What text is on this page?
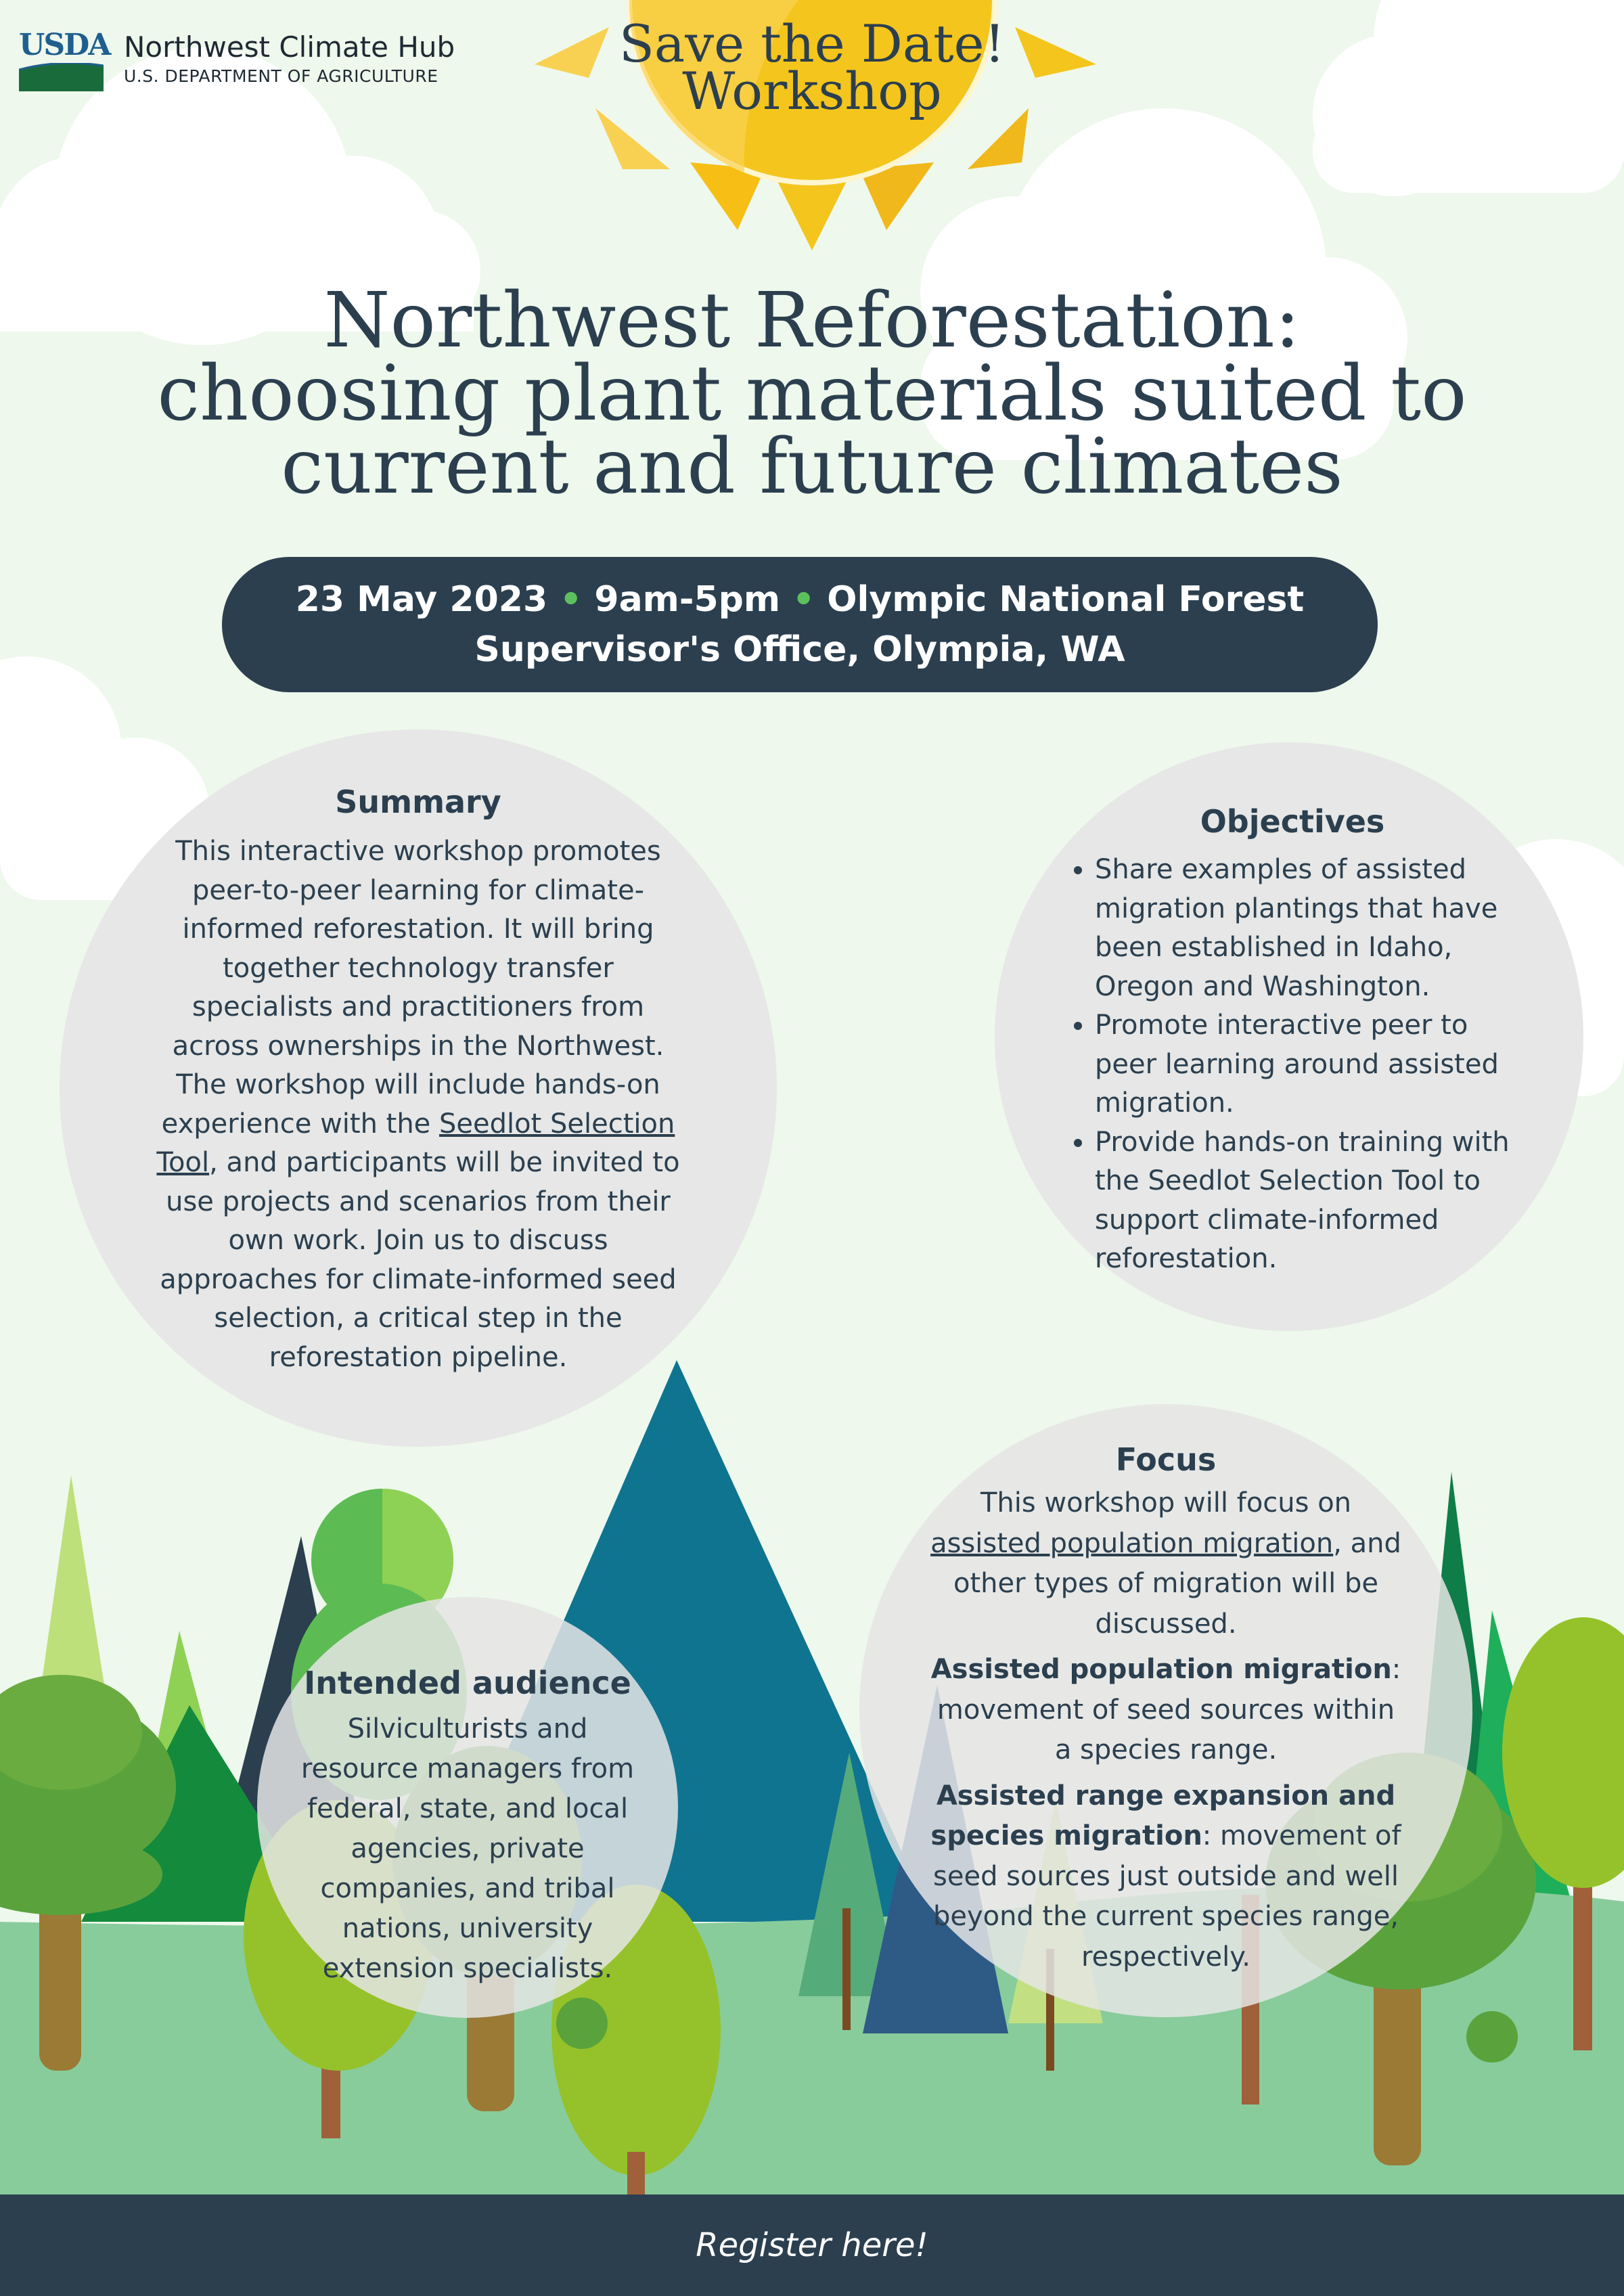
USDA Northwest Climate Hub
U.S. DEPARTMENT OF AGRICULTURE
Save the Date!
Workshop
Northwest Reforestation:
choosing plant materials suited to
current and future climates
23 May 2023 • 9am-5pm • Olympic National Forest
Supervisor's Office, Olympia, WA
Summary

This interactive workshop promotes peer-to-peer learning for climate-informed reforestation. It will bring together technology transfer specialists and practitioners from across ownerships in the Northwest. The workshop will include hands-on experience with the Seedlot Selection Tool, and participants will be invited to use projects and scenarios from their own work. Join us to discuss approaches for climate-informed seed selection, a critical step in the reforestation pipeline.

Objectives
• Share examples of assisted migration plantings that have been established in Idaho, Oregon and Washington.
• Promote interactive peer to peer learning around assisted migration.
• Provide hands-on training with the Seedlot Selection Tool to support climate-informed reforestation.
Intended audience

Silviculturists and resource managers from federal, state, and local agencies, private companies, and tribal nations, university extension specialists.

Focus

This workshop will focus on assisted population migration, and other types of migration will be discussed.

Assisted population migration: movement of seed sources within a species range.

Assisted range expansion and species migration: movement of seed sources just outside and well beyond the current species range, respectively.

Register here!
